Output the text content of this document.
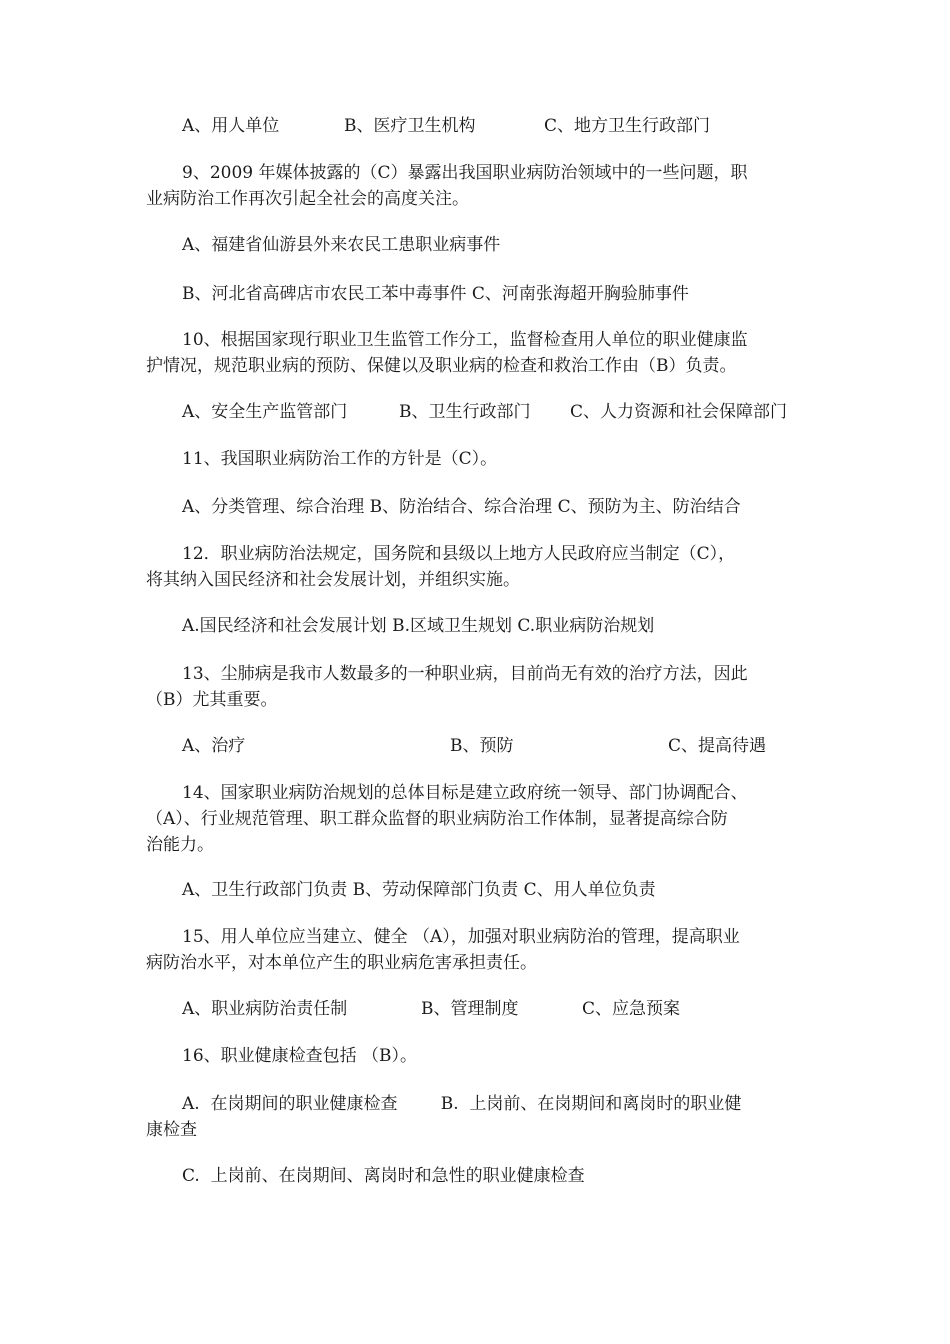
A、用人单位	B、医疗卫生机构	C、地方卫生行政部门

9、2009 年媒体披露的（C）暴露出我国职业病防治领域中的一些问题，职
业病防治工作再次引起全社会的高度关注。

A、福建省仙游县外来农民工患职业病事件

B、河北省高碑店市农民工苯中毒事件 C、河南张海超开胸验肺事件

10、根据国家现行职业卫生监管工作分工，监督检查用人单位的职业健康监
护情况，规范职业病的预防、保健以及职业病的检查和救治工作由（B）负责。

A、安全生产监管部门	B、卫生行政部门	C、人力资源和社会保障部门

11、我国职业病防治工作的方针是（C）。

A、分类管理、综合治理 B、防治结合、综合治理 C、预防为主、防治结合

12．职业病防治法规定，国务院和县级以上地方人民政府应当制定（C），
将其纳入国民经济和社会发展计划，并组织实施。

A.国民经济和社会发展计划 B.区域卫生规划 C.职业病防治规划

13、尘肺病是我市人数最多的一种职业病，目前尚无有效的治疗方法，因此
（B）尤其重要。

A、治疗	B、预防	C、提高待遇

14、国家职业病防治规划的总体目标是建立政府统一领导、部门协调配合、
（A）、行业规范管理、职工群众监督的职业病防治工作体制，显著提高综合防
治能力。

A、卫生行政部门负责 B、劳动保障部门负责 C、用人单位负责

15、用人单位应当建立、健全 （A），加强对职业病防治的管理，提高职业
病防治水平，对本单位产生的职业病危害承担责任。

A、职业病防治责任制	B、管理制度	C、应急预案

16、职业健康检查包括 （B）。

A.  在岗期间的职业健康检查        B.  上岗前、在岗期间和离岗时的职业健
康检查

C.  上岗前、在岗期间、离岗时和急性的职业健康检查
